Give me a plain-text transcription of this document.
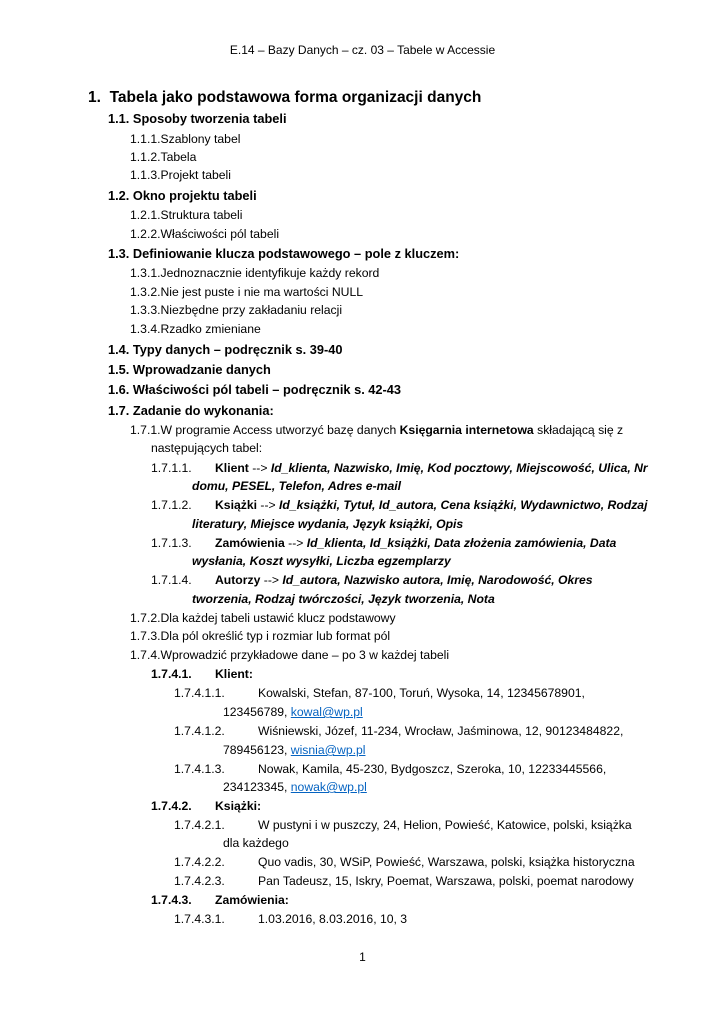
E.14 – Bazy Danych – cz. 03 – Tabele w Accessie
1. Tabela jako podstawowa forma organizacji danych
1.1. Sposoby tworzenia tabeli
1.1.1.Szablony tabel
1.1.2.Tabela
1.1.3.Projekt tabeli
1.2. Okno projektu tabeli
1.2.1.Struktura tabeli
1.2.2.Właściwości pól tabeli
1.3. Definiowanie klucza podstawowego – pole z kluczem:
1.3.1.Jednoznacznie identyfikuje każdy rekord
1.3.2.Nie jest puste i nie ma wartości NULL
1.3.3.Niezbędne przy zakładaniu relacji
1.3.4.Rzadko zmieniane
1.4. Typy danych – podręcznik s. 39-40
1.5. Wprowadzanie danych
1.6. Właściwości pól tabeli – podręcznik s. 42-43
1.7. Zadanie do wykonania:
1.7.1.W programie Access utworzyć bazę danych Księgarnia internetowa składającą się z
następujących tabel:
1.7.1.1. Klient --> Id_klienta, Nazwisko, Imię, Kod pocztowy, Miejscowość, Ulica, Nr
domu, PESEL, Telefon, Adres e-mail
1.7.1.2. Książki --> Id_książki, Tytuł, Id_autora, Cena książki, Wydawnictwo, Rodzaj
literatury, Miejsce wydania, Język książki, Opis
1.7.1.3. Zamówienia --> Id_klienta, Id_książki, Data złożenia zamówienia, Data
wysłania, Koszt wysyłki, Liczba egzemplarzy
1.7.1.4. Autorzy --> Id_autora, Nazwisko autora, Imię, Narodowość, Okres
tworzenia, Rodzaj twórczości, Język tworzenia, Nota
1.7.2.Dla każdej tabeli ustawić klucz podstawowy
1.7.3.Dla pól określić typ i rozmiar lub format pól
1.7.4.Wprowadzić przykładowe dane – po 3 w każdej tabeli
1.7.4.1. Klient:
1.7.4.1.1.	Kowalski, Stefan, 87-100, Toruń, Wysoka, 14, 12345678901,
123456789, kowal@wp.pl
1.7.4.1.2.	Wiśniewski, Józef, 11-234, Wrocław, Jaśminowa, 12, 90123484822,
789456123, wisnia@wp.pl
1.7.4.1.3.	Nowak, Kamila, 45-230, Bydgoszcz, Szeroka, 10, 12233445566,
234123345, nowak@wp.pl
1.7.4.2. Książki:
1.7.4.2.1.	W pustyni i w puszczy, 24, Helion, Powieść, Katowice, polski, książka
dla każdego
1.7.4.2.2.	Quo vadis, 30, WSiP, Powieść, Warszawa, polski, książka historyczna
1.7.4.2.3.	Pan Tadeusz, 15, Iskry, Poemat, Warszawa, polski, poemat narodowy
1.7.4.3. Zamówienia:
1.7.4.3.1.	1.03.2016, 8.03.2016, 10, 3
1
